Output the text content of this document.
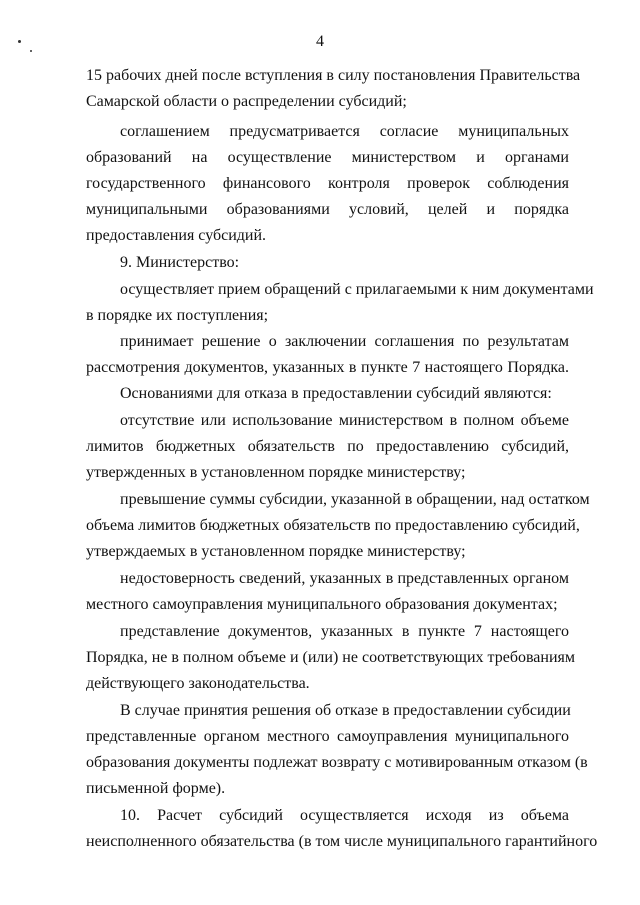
4
15 рабочих дней после вступления в силу постановления Правительства
Самарской области о распределении субсидий;
соглашением предусматривается согласие муниципальных
образований на осуществление министерством и органами
государственного финансового контроля проверок соблюдения
муниципальными образованиями условий, целей и порядка
предоставления субсидий.
9. Министерство:
осуществляет прием обращений с прилагаемыми к ним документами
в порядке их поступления;
принимает решение о заключении соглашения по результатам
рассмотрения документов, указанных в пункте 7 настоящего Порядка.
Основаниями для отказа в предоставлении субсидий являются:
отсутствие или использование министерством в полном объеме
лимитов бюджетных обязательств по предоставлению субсидий,
утвержденных в установленном порядке министерству;
превышение суммы субсидии, указанной в обращении, над остатком
объема лимитов бюджетных обязательств по предоставлению субсидий,
утверждаемых в установленном порядке министерству;
недостоверность сведений, указанных в представленных органом
местного самоуправления муниципального образования документах;
представление документов, указанных в пункте 7 настоящего
Порядка, не в полном объеме и (или) не соответствующих требованиям
действующего законодательства.
В случае принятия решения об отказе в предоставлении субсидии
представленные органом местного самоуправления муниципального
образования документы подлежат возврату с мотивированным отказом (в
письменной форме).
10. Расчет субсидий осуществляется исходя из объема
неисполненного обязательства (в том числе муниципального гарантийного
